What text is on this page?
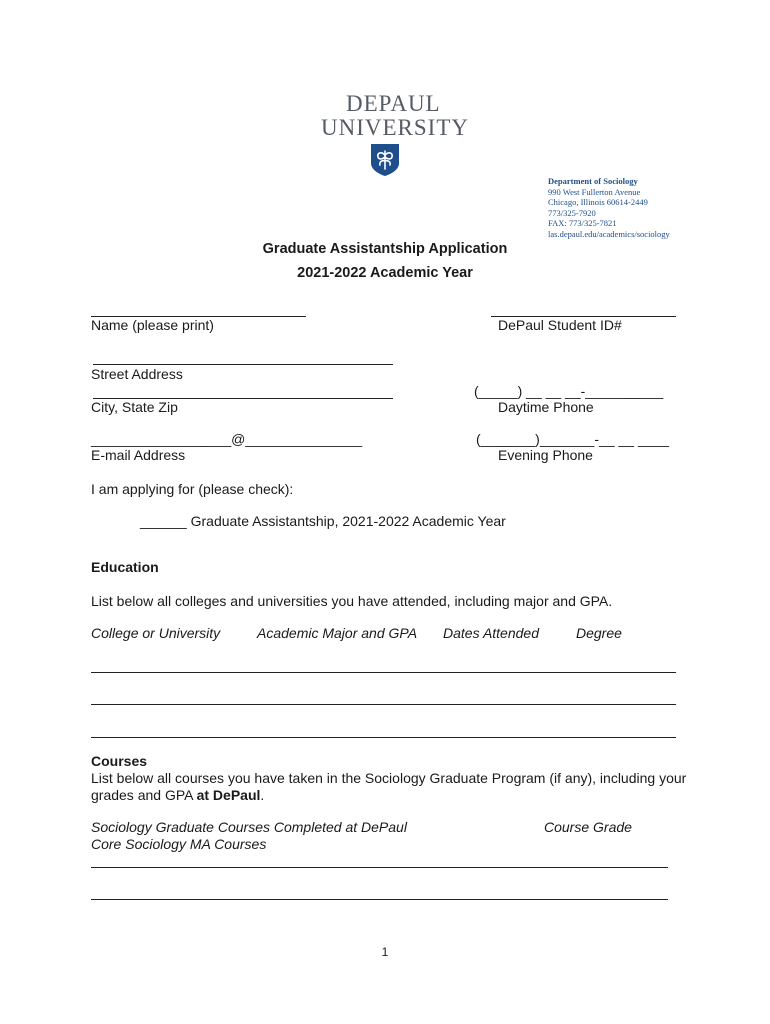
DEPAUL
UNIVERSITY
Department of Sociology
990 West Fullerton Avenue
Chicago, Illinois 60614-2449
773/325-7920
FAX: 773/325-7821
las.depaul.edu/academics/sociology
Graduate Assistantship Application
2021-2022 Academic Year
Name (please print)	DePaul Student ID#
Street Address
City, State Zip
(_____) __ __ __-__________
Daytime Phone
__________________@_______________
E-mail Address
(_______)_______-__ __ ____
Evening Phone
I am applying for (please check):
______ Graduate Assistantship, 2021-2022 Academic Year
Education
List below all colleges and universities you have attended, including major and GPA.
College or University	Academic Major and GPA Dates Attended	Degree
Courses
List below all courses you have taken in the Sociology Graduate Program (if any), including your
grades and GPA at DePaul.
Sociology Graduate Courses Completed at DePaul	Course Grade
Core Sociology MA Courses
1
